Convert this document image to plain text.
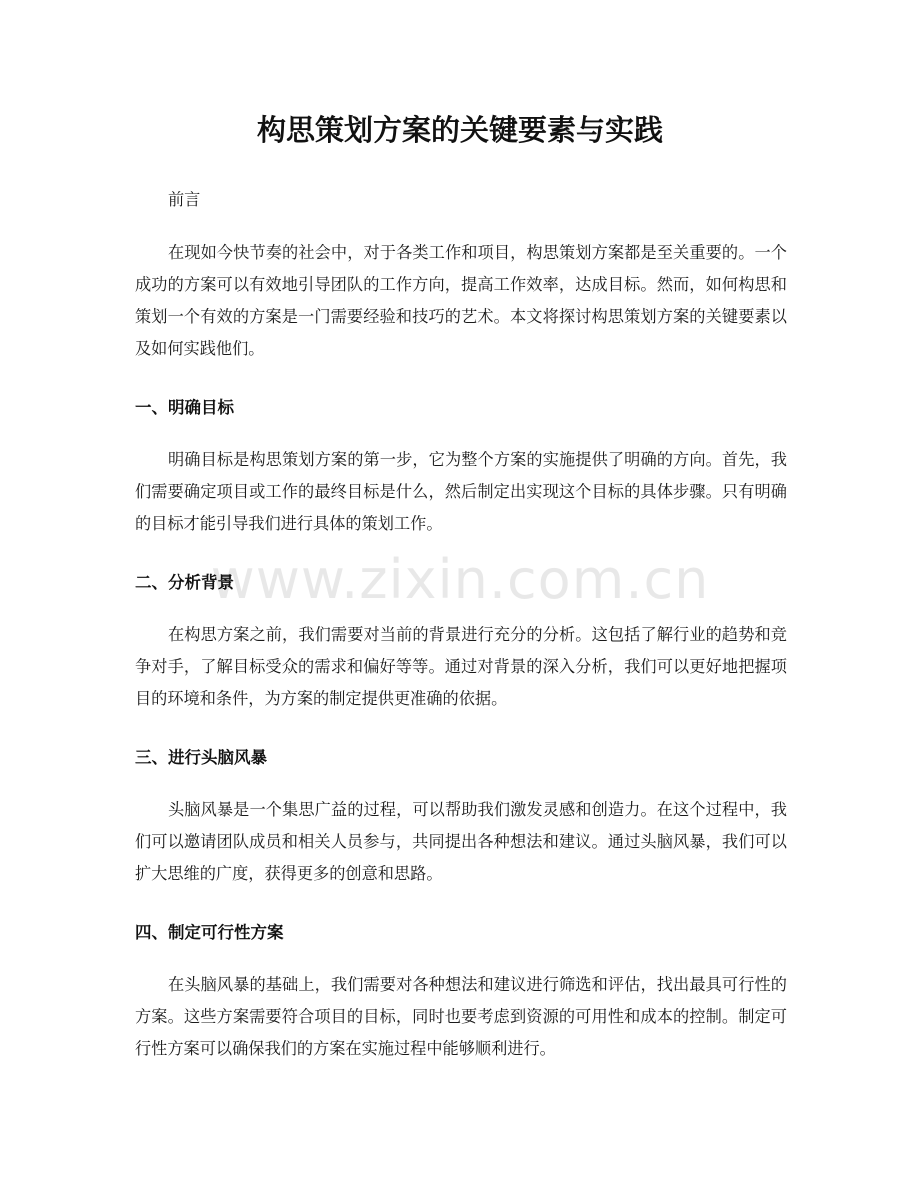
构思策划方案的关键要素与实践

前言

在现如今快节奏的社会中，对于各类工作和项目，构思策划方案都是至关重要的。一个成功的方案可以有效地引导团队的工作方向，提高工作效率，达成目标。然而，如何构思和策划一个有效的方案是一门需要经验和技巧的艺术。本文将探讨构思策划方案的关键要素以及如何实践他们。

一、明确目标

明确目标是构思策划方案的第一步，它为整个方案的实施提供了明确的方向。首先，我们需要确定项目或工作的最终目标是什么，然后制定出实现这个目标的具体步骤。只有明确的目标才能引导我们进行具体的策划工作。

二、分析背景

在构思方案之前，我们需要对当前的背景进行充分的分析。这包括了解行业的趋势和竞争对手，了解目标受众的需求和偏好等等。通过对背景的深入分析，我们可以更好地把握项目的环境和条件，为方案的制定提供更准确的依据。

三、进行头脑风暴

头脑风暴是一个集思广益的过程，可以帮助我们激发灵感和创造力。在这个过程中，我们可以邀请团队成员和相关人员参与，共同提出各种想法和建议。通过头脑风暴，我们可以扩大思维的广度，获得更多的创意和思路。

四、制定可行性方案

在头脑风暴的基础上，我们需要对各种想法和建议进行筛选和评估，找出最具可行性的方案。这些方案需要符合项目的目标，同时也要考虑到资源的可用性和成本的控制。制定可行性方案可以确保我们的方案在实施过程中能够顺利进行。

www.zixin.com.cn
